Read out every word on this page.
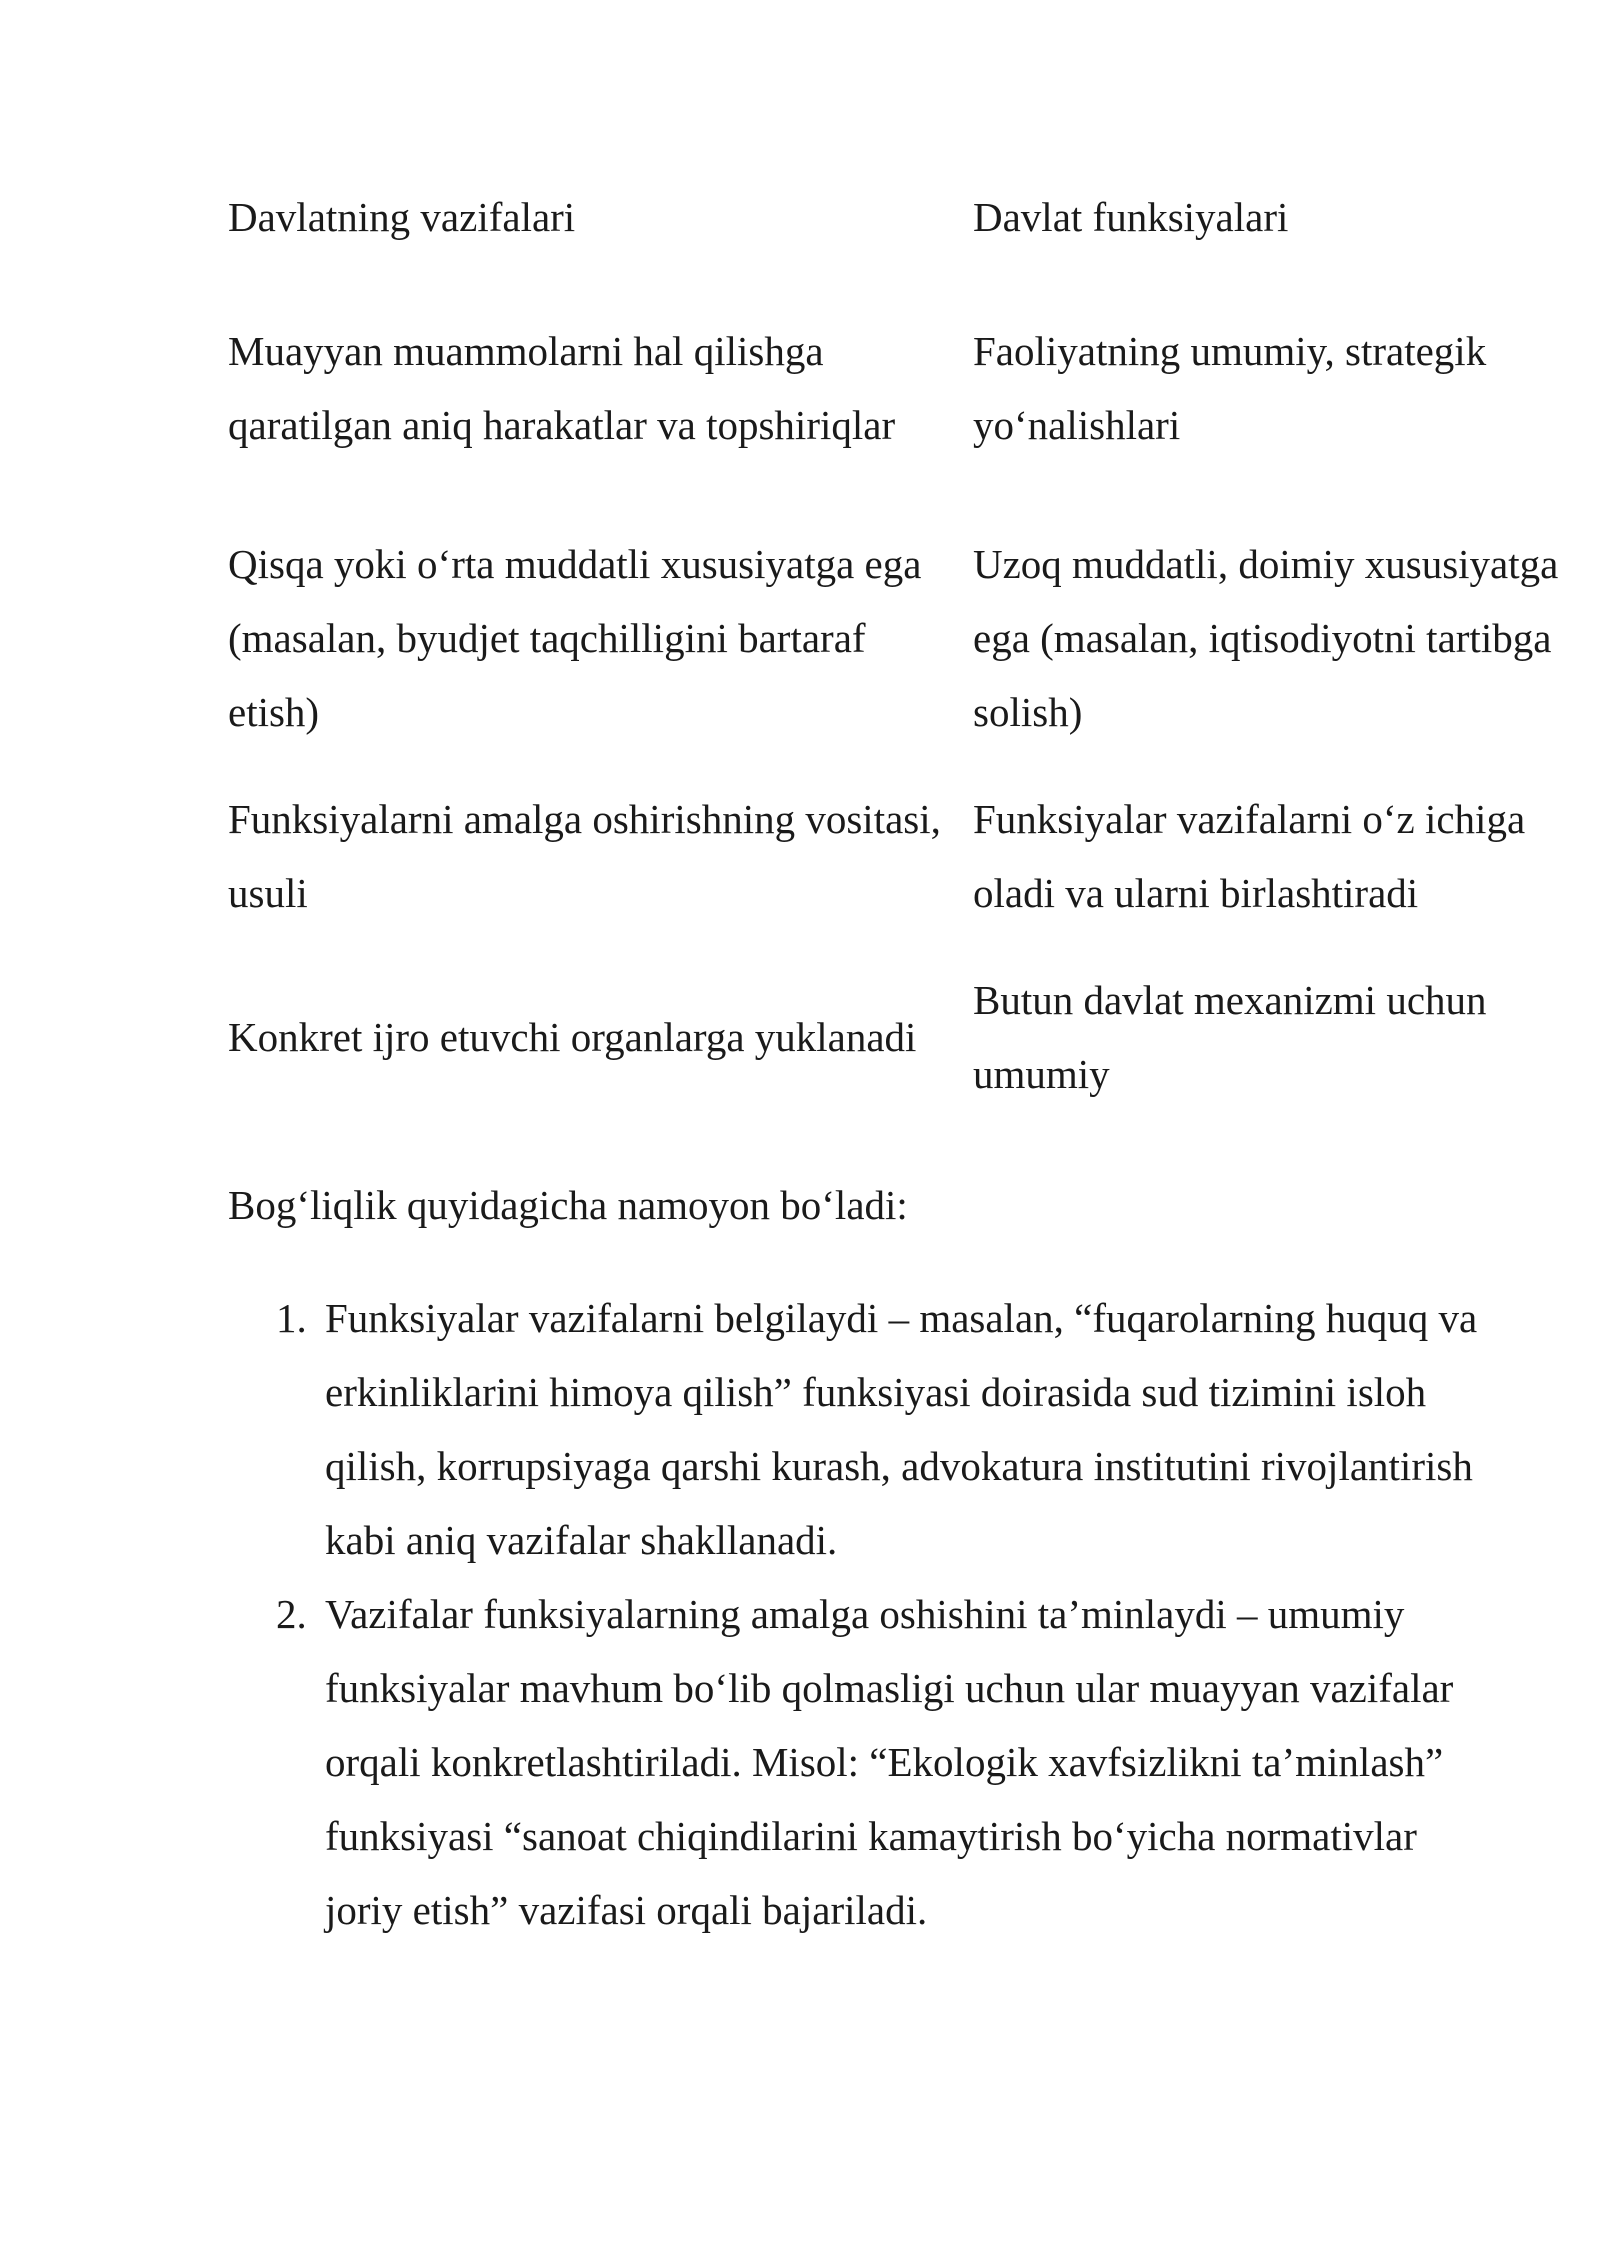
Davlatning vazifalari	Davlat funksiyalari
Muayyan muammolarni hal qilishga qaratilgan aniq harakatlar va topshiriqlar
Faoliyatning umumiy, strategik yo‘nalishlari
Qisqa yoki o‘rta muddatli xususiyatga ega (masalan, byudjet taqchilligini bartaraf etish)
Uzoq muddatli, doimiy xususiyatga ega (masalan, iqtisodiyotni tartibga solish)
Funksiyalarni amalga oshirishning vositasi, usuli
Funksiyalar vazifalarni o‘z ichiga oladi va ularni birlashtiradi
Konkret ijro etuvchi organlarga yuklanadi
Butun davlat mexanizmi uchun umumiy

Bog‘liqlik quyidagicha namoyon bo‘ladi:

1. Funksiyalar vazifalarni belgilaydi – masalan, “fuqarolarning huquq va erkinliklarini himoya qilish” funksiyasi doirasida sud tizimini isloh qilish, korrupsiyaga qarshi kurash, advokatura institutini rivojlantirish kabi aniq vazifalar shakllanadi.
2. Vazifalar funksiyalarning amalga oshishini ta’minlaydi – umumiy funksiyalar mavhum bo‘lib qolmasligi uchun ular muayyan vazifalar orqali konkretlashtiriladi. Misol: “Ekologik xavfsizlikni ta’minlash” funksiyasi “sanoat chiqindilarini kamaytirish bo‘yicha normativlar joriy etish” vazifasi orqali bajariladi.
